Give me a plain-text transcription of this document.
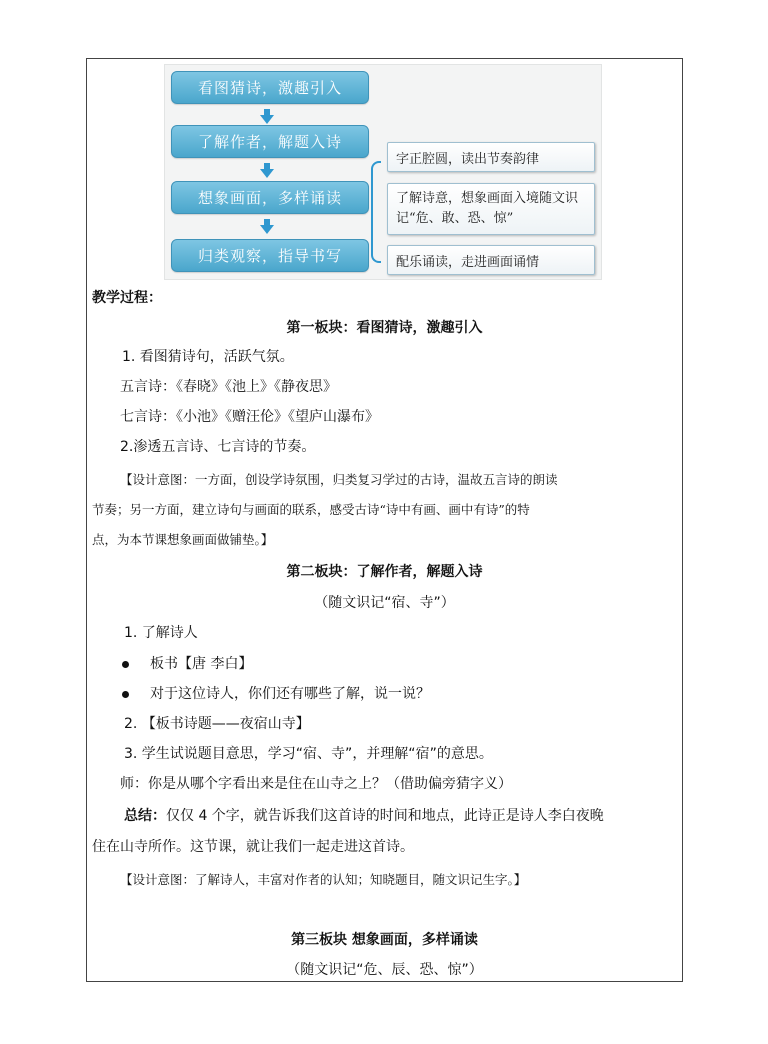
看图猜诗，激趣引入
了解作者，解题入诗
想象画面，多样诵读
归类观察，指导书写
字正腔圆，读出节奏韵律
了解诗意，想象画面入境随文识记“危、敢、恐、惊”
配乐诵读，走进画面诵情
教学过程：
第一板块：看图猜诗，激趣引入
1. 看图猜诗句，活跃气氛。
五言诗：《春晓》《池上》《静夜思》
七言诗：《小池》《赠汪伦》《望庐山瀑布》
2.渗透五言诗、七言诗的节奏。
【设计意图：一方面，创设学诗氛围，归类复习学过的古诗，温故五言诗的朗读
节奏；另一方面，建立诗句与画面的联系，感受古诗“诗中有画、画中有诗”的特
点，为本节课想象画面做铺垫。】
第二板块：了解作者，解题入诗
（随文识记“宿、寺”）
1. 了解诗人
板书【唐 李白】
对于这位诗人，你们还有哪些了解，说一说？
2. 【板书诗题——夜宿山寺】
3. 学生试说题目意思，学习“宿、寺”，并理解“宿”的意思。
师：你是从哪个字看出来是住在山寺之上？（借助偏旁猜字义）
总结：仅仅 4 个字，就告诉我们这首诗的时间和地点，此诗正是诗人李白夜晚
住在山寺所作。这节课，就让我们一起走进这首诗。
【设计意图：了解诗人，丰富对作者的认知；知晓题目，随文识记生字。】
第三板块 想象画面，多样诵读
（随文识记“危、辰、恐、惊”）
